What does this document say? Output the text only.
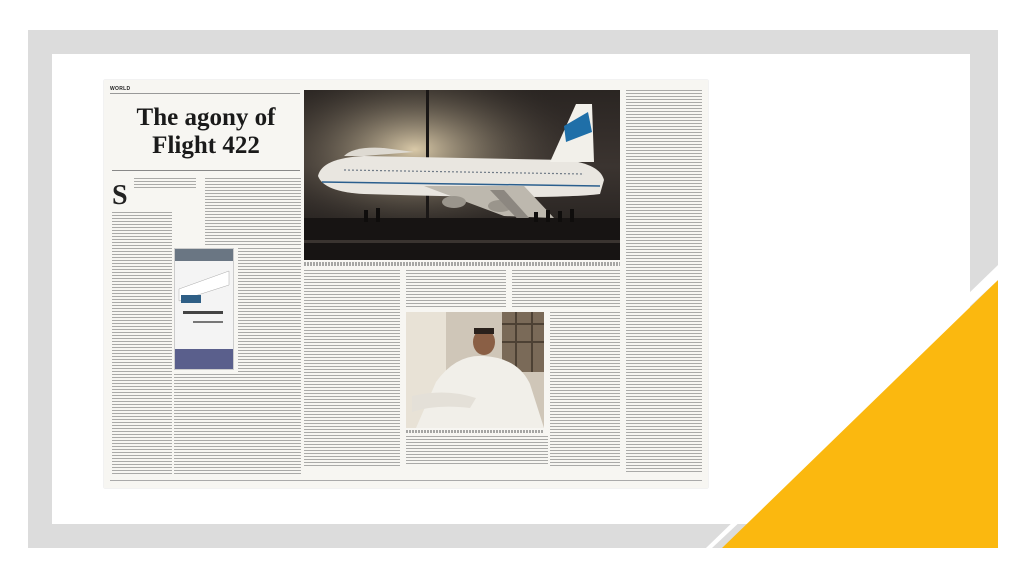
WORLD
The agony of
Flight 422
S
